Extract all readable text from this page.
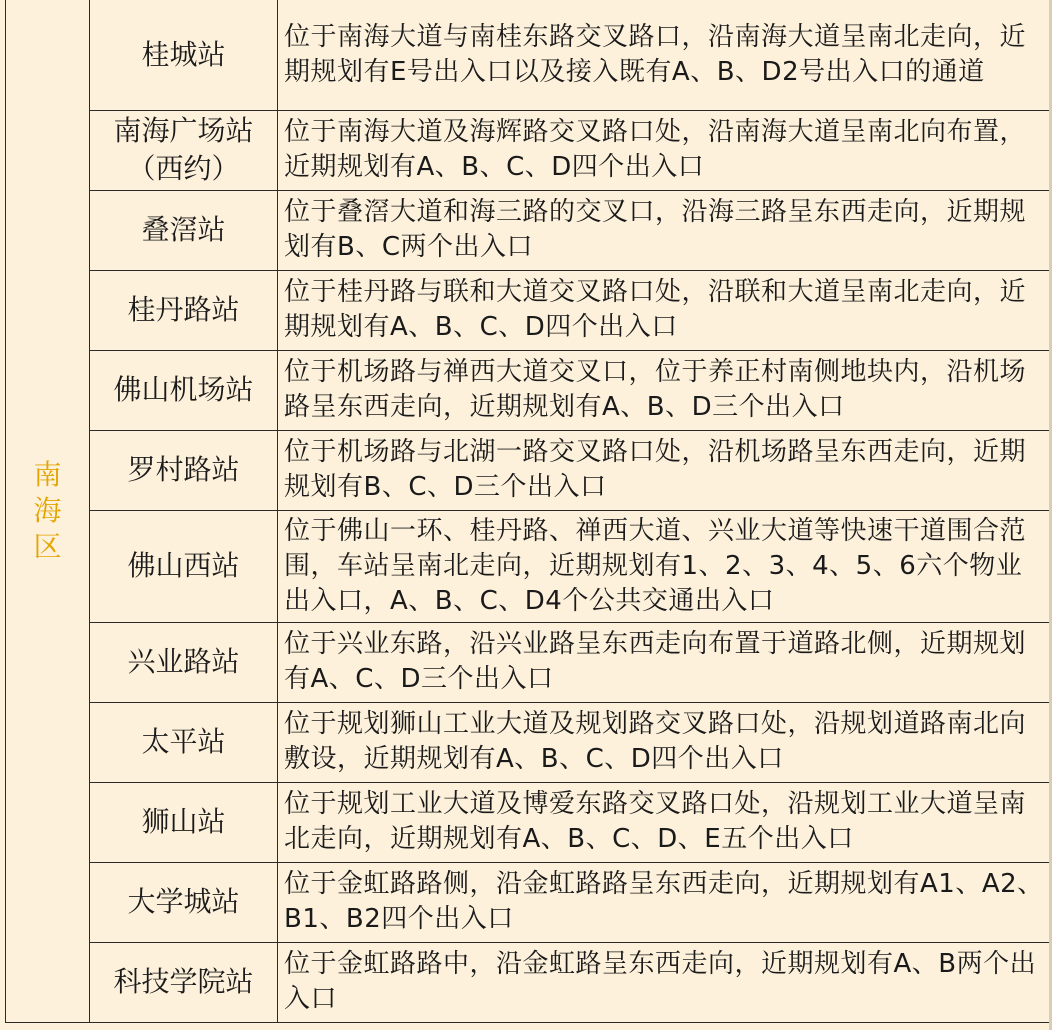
南海区	桂城站	位于南海大道与南桂东路交叉路口，沿南海大道呈南北走向，近期规划有E号出入口以及接入既有A、B、D2号出入口的通道
	南海广场站（西约）	位于南海大道及海辉路交叉路口处，沿南海大道呈南北向布置，近期规划有A、B、C、D四个出入口
	叠滘站	位于叠滘大道和海三路的交叉口，沿海三路呈东西走向，近期规划有B、C两个出入口
	桂丹路站	位于桂丹路与联和大道交叉路口处，沿联和大道呈南北走向，近期规划有A、B、C、D四个出入口
	佛山机场站	位于机场路与禅西大道交叉口，位于养正村南侧地块内，沿机场路呈东西走向，近期规划有A、B、D三个出入口
	罗村路站	位于机场路与北湖一路交叉路口处，沿机场路呈东西走向，近期规划有B、C、D三个出入口
	佛山西站	位于佛山一环、桂丹路、禅西大道、兴业大道等快速干道围合范围，车站呈南北走向，近期规划有1、2、3、4、5、6六个物业出入口，A、B、C、D4个公共交通出入口
	兴业路站	位于兴业东路，沿兴业路呈东西走向布置于道路北侧，近期规划有A、C、D三个出入口
	太平站	位于规划狮山工业大道及规划路交叉路口处，沿规划道路南北向敷设，近期规划有A、B、C、D四个出入口
	狮山站	位于规划工业大道及博爱东路交叉路口处，沿规划工业大道呈南北走向，近期规划有A、B、C、D、E五个出入口
	大学城站	位于金虹路路侧，沿金虹路路呈东西走向，近期规划有A1、A2、B1、B2四个出入口
	科技学院站	位于金虹路路中，沿金虹路呈东西走向，近期规划有A、B两个出入口
